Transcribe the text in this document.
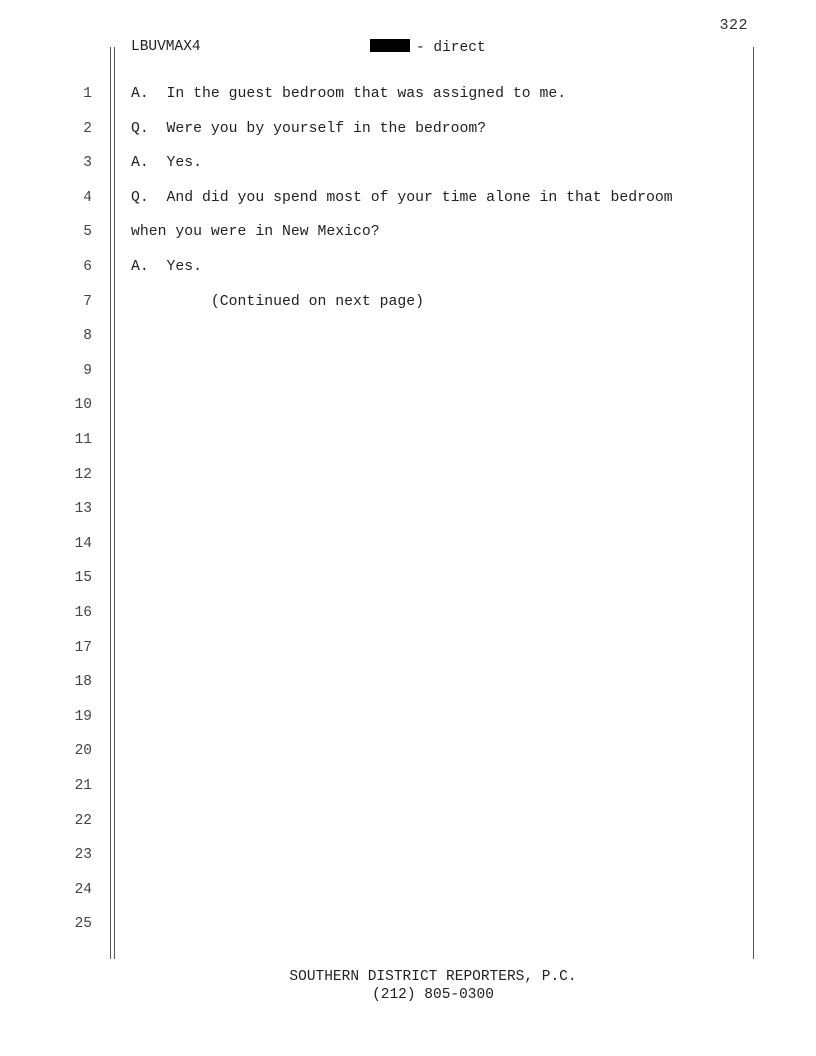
322
LBUVMAX4	- direct
1
2
3
4
5
6
7
8
9
10
11
12
13
14
15
16
17
18
19
20
21
22
23
24
25
A.  In the guest bedroom that was assigned to me.
Q.  Were you by yourself in the bedroom?
A.  Yes.
Q.  And did you spend most of your time alone in that bedroom
when you were in New Mexico?
A.  Yes.
(Continued on next page)
SOUTHERN DISTRICT REPORTERS, P.C.
(212) 805-0300
